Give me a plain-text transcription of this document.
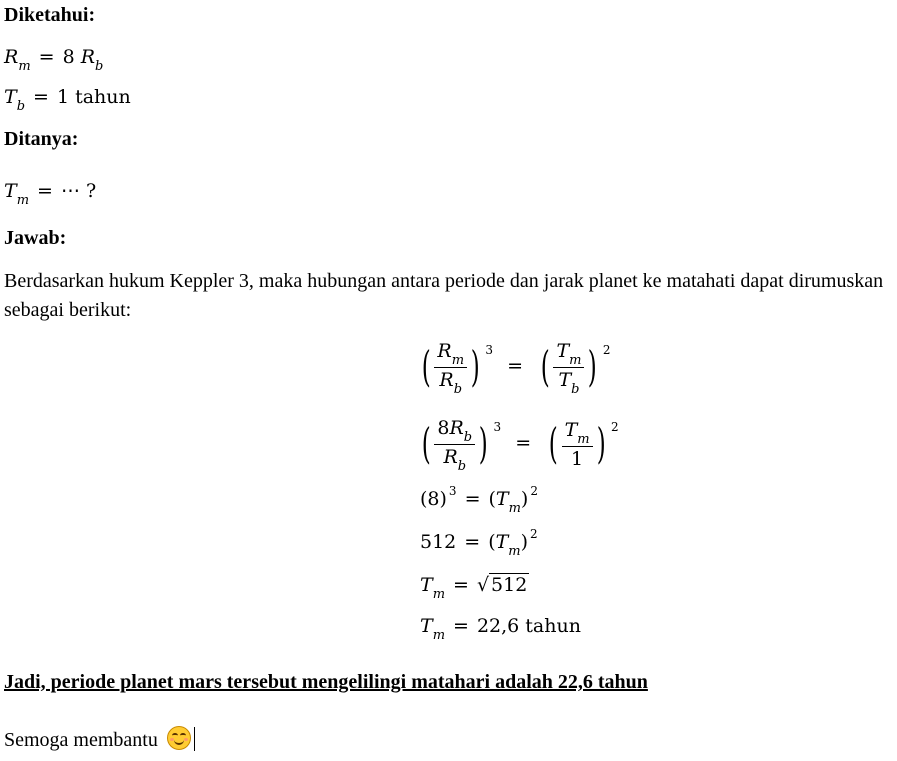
Diketahui:
$R_m = 8$ $R_b$
$T_b = 1$ tahun
Ditanya:
$T_m$ = ⋯ ?
Jawab:
Berdasarkan hukum Keppler 3, maka hubungan antara periode dan jarak planet ke matahati dapat dirumuskan sebagai berikut:
( $\frac{R_m}{R_b}$ ) $^3$ = ( $\frac{T_m}{T_b}$ ) $^2$
( $\frac{8R_b}{R_b}$ ) $^3$ = ( $\frac{T_m}{1}$ ) $^2$
(8) $^3 = (T_m)$ $^2$
$512 = (T_m)$ $^2$
$T_m$ = √ 512
$T_m = 22,6$ tahun
Jadi, periode planet mars tersebut mengelilingi matahari adalah 22,6 tahun
Semoga membantu
